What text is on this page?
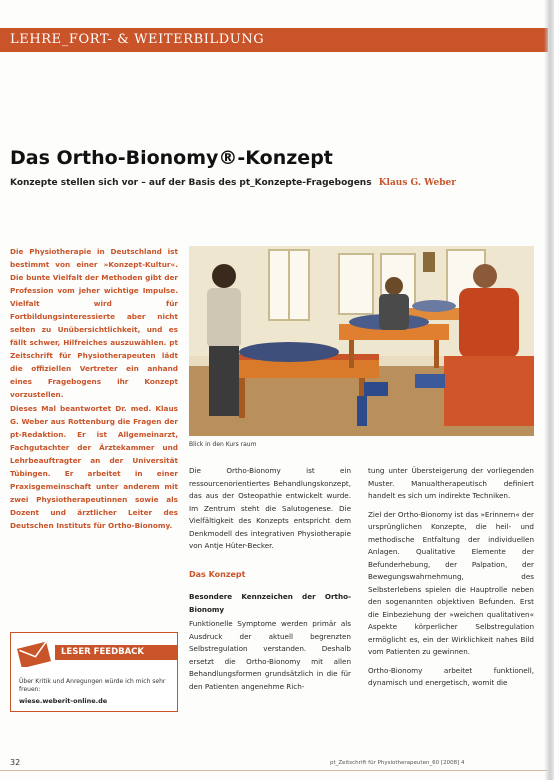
LEHRE_FORT- & WEITERBILDUNG
Das Ortho-Bionomy®-Konzept
Konzepte stellen sich vor – auf der Basis des pt_Konzepte-Fragebogens Klaus G. Weber

Die Physiotherapie in Deutschland ist bestimmt von einer »Konzept-Kultur«. Die bunte Vielfalt der Methoden gibt der Profession vom jeher wichtige Impulse. Vielfalt wird für Fortbildungsinteressierte aber nicht selten zu Unübersichtlichkeit, und es fällt schwer, Hilfreiches auszuwählen. pt Zeitschrift für Physiotherapeuten lädt die offiziellen Vertreter ein anhand eines Fragebogens ihr Konzept vorzustellen.

Dieses Mal beantwortet Dr. med. Klaus G. Weber aus Rottenburg die Fragen der pt-Redaktion. Er ist Allgemeinarzt, Fachgutachter der Ärztekammer und Lehrbeauftragter an der Universität Tübingen. Er arbeitet in einer Praxisgemeinschaft unter anderem mit zwei Physiotherapeutinnen sowie als Dozent und ärztlicher Leiter des Deutschen Instituts für Ortho-Bionomy.

Blick in den Kurs raum

Die Ortho-Bionomy ist ein ressourcenorientiertes Behandlungskonzept, das aus der Osteopathie entwickelt wurde. Im Zentrum steht die Salutogenese. Die Vielfältigkeit des Konzepts entspricht dem Denkmodell des integrativen Physiotherapie von Antje Hüter-Becker.

Das Konzept
Besondere Kennzeichen der Ortho-Bionomy

Funktionelle Symptome werden primär als Ausdruck der aktuell begrenzten Selbstregulation verstanden. Deshalb ersetzt die Ortho-Bionomy mit allen Behandlungsformen grundsätzlich in die für den Patienten angenehme Rich-

tung unter Übersteigerung der vorliegenden Muster. Manualtherapeutisch definiert handelt es sich um indirekte Techniken.

Ziel der Ortho-Bionomy ist das »Erinnern« der ursprünglichen Konzepte, die heil- und methodische Entfaltung der individuellen Anlagen. Qualitative Elemente der Befunderhebung, der Palpation, der Bewegungswahrnehmung, des Selbsterlebens spielen die Hauptrolle neben den sogenannten objektiven Befunden. Erst die Einbeziehung der »weichen qualitativen« Aspekte körperlicher Selbstregulation ermöglicht es, ein der Wirklichkeit nahes Bild vom Patienten zu gewinnen.

Ortho-Bionomy arbeitet funktionell, dynamisch und energetisch, womit die

LESER FEEDBACK
Über Kritik und Anregungen würde ich mich sehr freuen:
wiese.weberit-online.de
32	pt_Zeitschrift für Physiotherapeuten_60 [2008] 4
